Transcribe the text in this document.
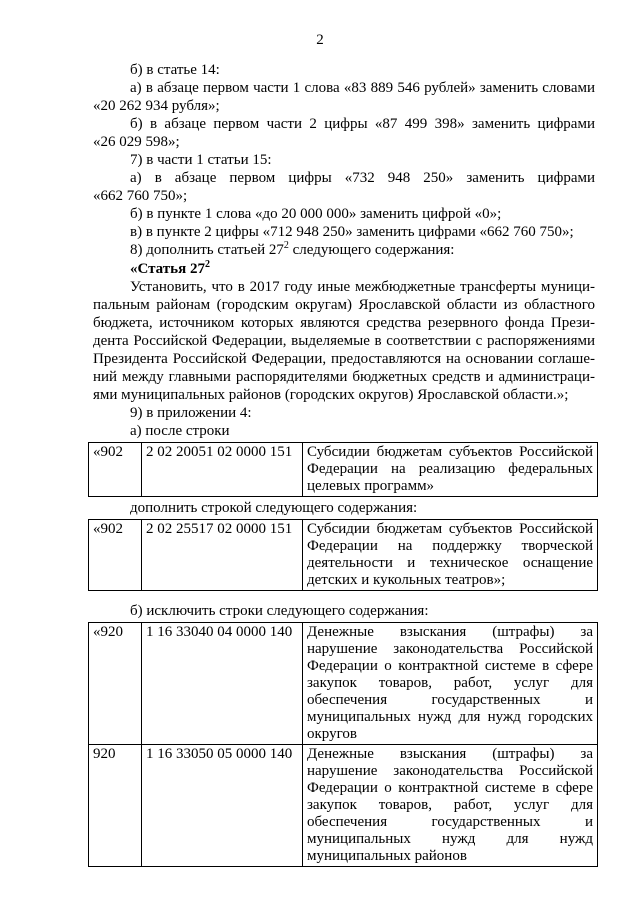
2
б) в статье 14:
а) в абзаце первом части 1 слова «83 889 546 рублей» заменить словами
«20 262 934 рубля»;
б) в абзаце первом части 2 цифры «87 499 398» заменить цифрами
«26 029 598»;
7) в части 1 статьи 15:
а) в абзаце первом цифры «732 948 250» заменить цифрами
«662 760 750»;
б) в пункте 1 слова «до 20 000 000» заменить цифрой «0»;
в) в пункте 2 цифры «712 948 250» заменить цифрами «662 760 750»;
8) дополнить статьей $27^2$ следующего содержания:
«Статья $27^2$
Установить, что в 2017 году иные межбюджетные трансферты муници-
пальным районам (городским округам) Ярославской области из областного
бюджета, источником которых являются средства резервного фонда Прези-
дента Российской Федерации, выделяемые в соответствии с распоряжениями
Президента Российской Федерации, предоставляются на основании соглаше-
ний между главными распорядителями бюджетных средств и администраци-
ями муниципальных районов (городских округов) Ярославской области.»;
9) в приложении 4:
а) после строки
«902	2 02 20051 02 0000 151	Субсидии бюджетам субъектов Российской Федерации на реализацию федеральных целевых программ»
дополнить строкой следующего содержания:
«902	2 02 25517 02 0000 151	Субсидии бюджетам субъектов Российской Федерации на поддержку творческой деятельности и техническое оснащение детских и кукольных театров»;
б) исключить строки следующего содержания:
«920	1 16 33040 04 0000 140	Денежные взыскания (штрафы) за нарушение законодательства Российской Федерации о контрактной системе в сфере закупок товаров, работ, услуг для обеспечения государственных и муниципальных нужд для нужд городских округов
920	1 16 33050 05 0000 140	Денежные взыскания (штрафы) за нарушение законодательства Российской Федерации о контрактной системе в сфере закупок товаров, работ, услуг для обеспечения государственных и муниципальных нужд для нужд муниципальных районов
